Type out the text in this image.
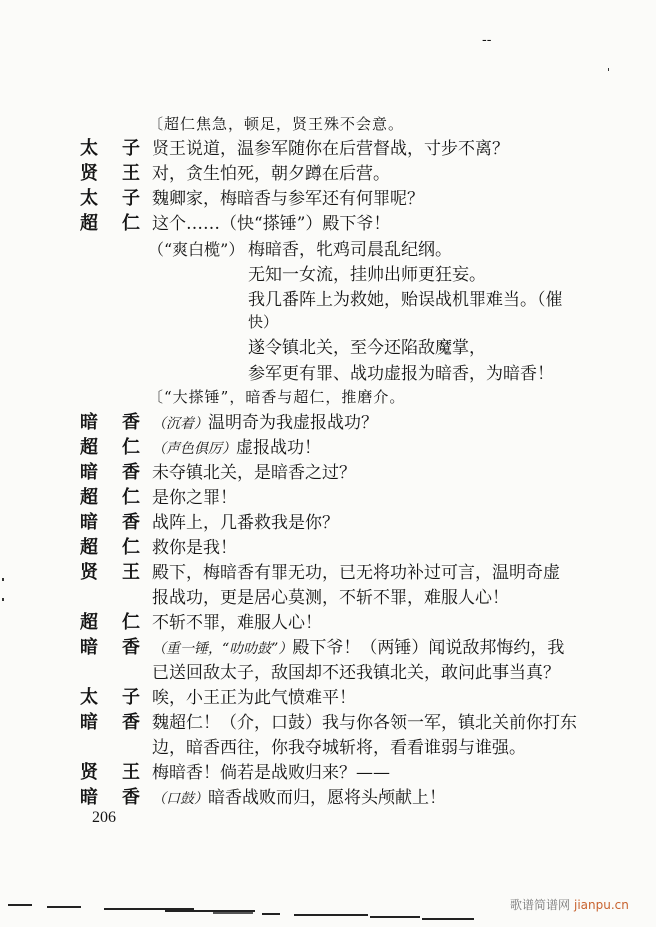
--
〔超仁焦急，顿足，贤王殊不会意。
太 子 贤王说道，温参军随你在后营督战，寸步不离？
贤 王 对，贪生怕死，朝夕蹲在后营。
太 子 魏卿家，梅暗香与参军还有何罪呢？
超 仁 这个……（快“搽锤”）殿下爷！
（“爽白榄”） 梅暗香，牝鸡司晨乱纪纲。
无知一女流，挂帅出师更狂妄。
我几番阵上为救她，贻误战机罪难当。（催
快）
遂令镇北关，至今还陷敌魔掌，
参军更有罪、战功虚报为暗香，为暗香！
〔“大搽锤”，暗香与超仁，推磨介。
暗 香 （沉着）温明奇为我虚报战功？
超 仁 （声色俱厉）虚报战功！
暗 香 未夺镇北关，是暗香之过？
超 仁 是你之罪！
暗 香 战阵上，几番救我是你？
超 仁 救你是我！
贤 王 殿下，梅暗香有罪无功，已无将功补过可言，温明奇虚
报战功，更是居心莫测，不斩不罪，难服人心！
超 仁 不斩不罪，难服人心！
暗 香 （重一锤，“叻叻鼓”）殿下爷！（两锤）闻说敌邦悔约，我
已送回敌太子，敌国却不还我镇北关，敢问此事当真？
太 子 唉，小王正为此气愤难平！
暗 香 魏超仁！（介，口鼓）我与你各领一军，镇北关前你打东
边，暗香西往，你我夺城斩将，看看谁弱与谁强。
贤 王 梅暗香！倘若是战败归来？——
暗 香 （口鼓）暗香战败而归，愿将头颅献上！
206
歌谱简谱网 jianpu.cn
